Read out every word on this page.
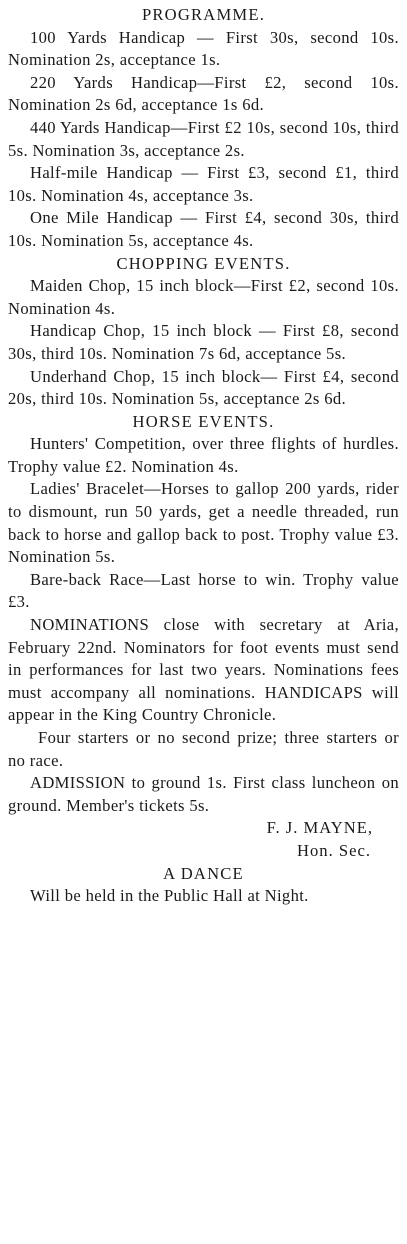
PROGRAMME.

100 Yards Handicap — First 30s, second 10s. Nomination 2s, acceptance 1s.

220 Yards Handicap—First £2, second 10s. Nomination 2s 6d, acceptance 1s 6d.

440 Yards Handicap—First £2 10s, second 10s, third 5s. Nomination 3s, acceptance 2s.

Half-mile Handicap — First £3, second £1, third 10s. Nomination 4s, acceptance 3s.

One Mile Handicap — First £4, second 30s, third 10s. Nomination 5s, acceptance 4s.

CHOPPING EVENTS.

Maiden Chop, 15 inch block—First £2, second 10s. Nomination 4s.

Handicap Chop, 15 inch block — First £8, second 30s, third 10s. Nomination 7s 6d, acceptance 5s.

Underhand Chop, 15 inch block— First £4, second 20s, third 10s. Nomination 5s, acceptance 2s 6d.

HORSE EVENTS.

Hunters' Competition, over three flights of hurdles. Trophy value £2. Nomination 4s.

Ladies' Bracelet—Horses to gallop 200 yards, rider to dismount, run 50 yards, get a needle threaded, run back to horse and gallop back to post. Trophy value £3. Nomination 5s.

Bare-back Race—Last horse to win. Trophy value £3.

NOMINATIONS close with secretary at Aria, February 22nd. Nominators for foot events must send in performances for last two years. Nominations fees must accompany all nominations. HANDICAPS will appear in the King Country Chronicle.

Four starters or no second prize; three starters or no race.

ADMISSION to ground 1s. First class luncheon on ground. Member's tickets 5s.

F. J. MAYNE,

Hon. Sec.

A DANCE

Will be held in the Public Hall at Night.
